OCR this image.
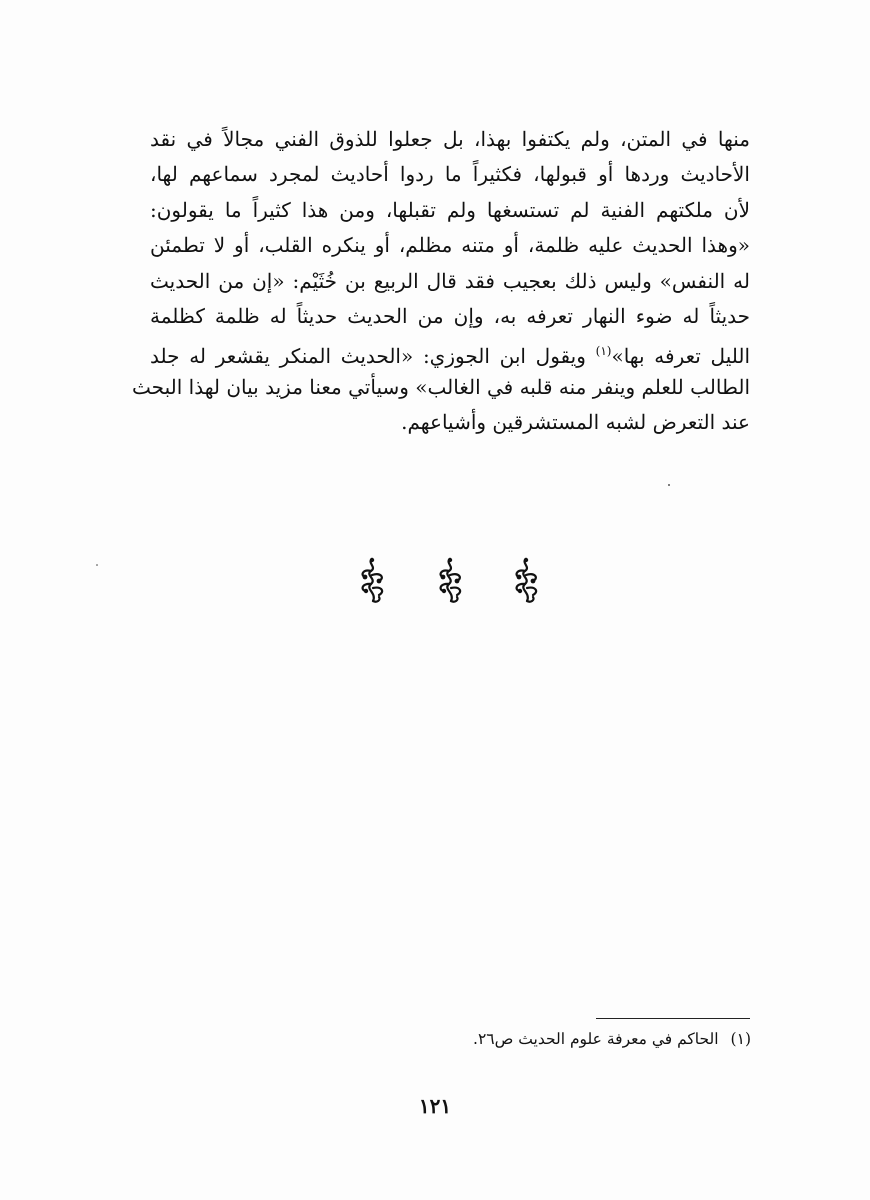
منها في المتن، ولم يكتفوا بهذا، بل جعلوا للذوق الفني مجالاً في نقد
الأحاديث وردها أو قبولها، فكثيراً ما ردوا أحاديث لمجرد سماعهم لها،
لأن ملكتهم الفنية لم تستسغها ولم تقبلها، ومن هذا كثيراً ما يقولون:
«وهذا الحديث عليه ظلمة، أو متنه مظلم، أو ينكره القلب، أو لا تطمئن
له النفس» وليس ذلك بعجيب فقد قال الربيع بن خُثَيْم: «إن من الحديث
حديثاً له ضوء النهار تعرفه به، وإن من الحديث حديثاً له ظلمة كظلمة
الليل تعرفه بها»$^{(١)}$ ويقول ابن الجوزي: «الحديث المنكر يقشعر له جلد
الطالب للعلم وينفر منه قلبه في الغالب» وسيأتي معنا مزيد بيان لهذا البحث
عند التعرض لشبه المستشرقين وأشياعهم.
(١)الحاكم في معرفة علوم الحديث ص٢٦.
١٢١
